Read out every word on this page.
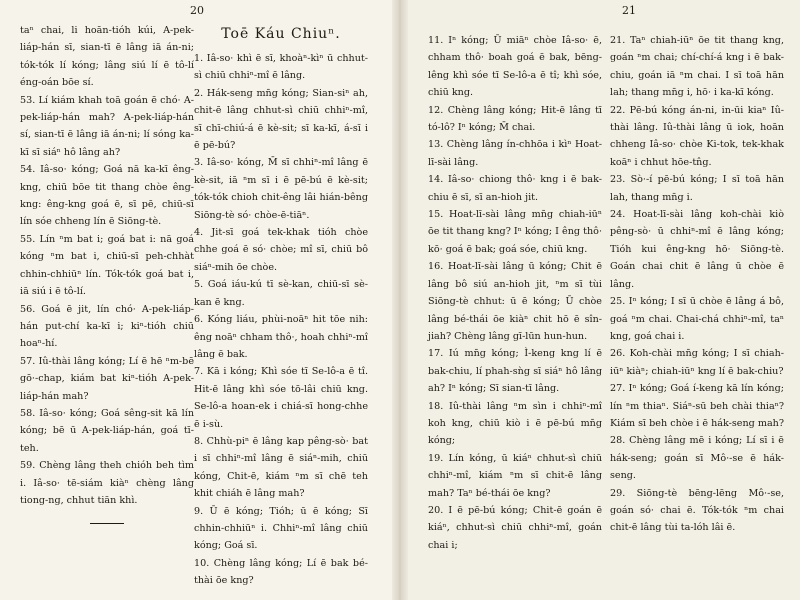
20

taⁿ chai, li hoān-tióh kúi, A-pek-liáp-hán sī, sian-tī ē lâng iā án-ni; tók-tók lí kóng; lâng siú lí ē tô-lí éng-oán bōe sí.

53. Lí kiám khah toā goán ē chó· A-pek-liáp-hán mah? A-pek-liáp-hán sí, sian-tī ē lâng iā án-ni; lí sóng ka-kī sī siáⁿ hô lâng ah?

54. Iâ-so· kóng; Goá nā ka-kī êng-kng, chiū bōe tit thang chòe êng-kng: êng-kng goá ē, sī pē, chiū-sī lín sóe chheng lín ē Siōng-tè.

55. Lín ⁿm bat i; goá bat i: nā goá kóng ⁿm bat i, chiū-sī peh-chhàt chhin-chhiūⁿ lín. Tók-tók goá bat i, iā siú i ē tô-lí.

56. Goá ē jit, lín chó· A-pek-liáp-hán put-chí ka-kī i; kiⁿ-tióh chiū hoaⁿ-hí.

57. Iû-thài lâng kóng; Lí ē hē ⁿm-bē gō·-chap, kiám bat kiⁿ-tióh A-pek-liáp-hán mah?

58. Iâ-so· kóng; Goá sêng-sit kā lín kóng; bē ū A-pek-liáp-hán, goá tī-teh.

59. Chèng lâng theh chióh beh tìm i. Iâ-so· tē-siám kiàⁿ chèng lâng tiong-ng, chhut tiān khì.

Toē Káu Chiuⁿ.

1. Iâ-so· khì ē sī, khoàⁿ-kìⁿ ū chhut-sì chiū chhiⁿ-mî ē lâng.

2. Hák-seng mn̄g kóng; Sian-siⁿ ah, chit-ē lâng chhut-sì chiū chhiⁿ-mî, sī chī-chiú-á ē kè-sit; sī ka-kī, á-sī i ē pē-bú?

3. Iâ-so· kóng, M̄ sī chhiⁿ-mî lâng ē kè-sit, iā ⁿm sī i ē pē-bú ē kè-sit; tók-tók chioh chit-êng lâi hián-bêng Siōng-tè só· chòe-ē-tiāⁿ.

4. Jit-sī goá tek-khak tióh chòe chhe goá ē só· chòe; mî sī, chiū bô siáⁿ-mih ōe chòe.

5. Goá iáu-kú tī sè-kan, chiū-sī sè-kan ē kng.

6. Kóng liáu, phùi-noāⁿ hit tōe nih: êng noāⁿ chham thô·, hoah chhiⁿ-mî lâng ē bak.

7. Kā i kóng; Khì sóe tī Se-lô-a ē tî. Hit-ē lâng khì sóe tō-lâi chiū kng. Se-lô-a hoan-ek i chiá-sī hong-chhe ē i-sù.

8. Chhù-piⁿ ē lâng kap pêng-sò· bat i sī chhiⁿ-mî lâng ē siáⁿ-mih, chiū kóng, Chit-ē, kiám ⁿm sī chē teh khit chiáh ē lâng mah?

9. Ū ē kóng; Tióh; ū ē kóng; Sī chhin-chhiūⁿ i. Chhiⁿ-mî lâng chiū kóng; Goá sī.

10. Chèng lâng kóng; Lí ē bak bé-thài ōe kng?

21

11. Iⁿ kóng; Ū miāⁿ chòe Iâ-so· ē, chham thô· boah goá ē bak, bēng-lêng khì sóe tī Se-lô-a ē tî; khì sóe, chiū kng.

12. Chèng lâng kóng; Hit-ē lâng tī tó-lô? Iⁿ kóng; M̄ chai.

13. Chèng lâng ín-chhōa i kìⁿ Hoat-lī-sài lâng.

14. Iâ-so· chiong thô· kng i ē bak-chiu ē sī, sī an-hioh jit.

15. Hoat-lī-sài lâng mn̄g chiah-iūⁿ ōe tit thang kng? Iⁿ kóng; I êng thô· kō· goá ē bak; goá sóe, chiū kng.

16. Hoat-lī-sài lâng ū kóng; Chit ē lâng bô siú an-hioh jit, ⁿm sī tùi Siōng-tè chhut: ū ē kóng; Ū chòe lâng bé-thái ōe kiàⁿ chit hō ē sîn-jiah? Chèng lâng gī-lūn hun-hun.

17. Iú mn̄g kóng; Ì-keng kng lí ē bak-chiu, lí phah-sǹg sī siáⁿ hô lâng ah? Iⁿ kóng; Sī sian-tī lâng.

18. Iû-thài lâng ⁿm sìn i chhiⁿ-mî koh kng, chiū kiò i ē pē-bú mn̄g kóng;

19. Lín kóng, ū kiáⁿ chhut-sì chiū chhiⁿ-mî, kiám ⁿm sī chit-ē lâng mah? Taⁿ bé-thái ōe kng?

20. I ē pē-bú kóng; Chit-ē goán ē kiáⁿ, chhut-sì chiū chhiⁿ-mî, goán chai i;

21. Taⁿ chiah-iūⁿ ōe tit thang kng, goán ⁿm chai; chí-chí-á kng i ē bak-chiu, goán iā ⁿm chai. I sī toā hān lah; thang mn̄g i, hō· i ka-kī kóng.

22. Pē-bú kóng án-ni, in-ūi kiaⁿ Iû-thài lâng. Iû-thài lâng ū iok, hoān chheng Iâ-so· chòe Ki-tok, tek-khak koāⁿ i chhut hōe-tn̂g.

23. Sò·-í pē-bú kóng; I sī toā hān lah, thang mn̄g i.

24. Hoat-lī-sài lâng koh-chài kiò pêng-sò· ū chhiⁿ-mî ē lâng kóng; Tióh kui êng-kng hō· Siōng-tè. Goán chai chit ē lâng ū chòe ē lâng.

25. Iⁿ kóng; I sī ū chòe ē lâng á bô, goá ⁿm chai. Chai-chá chhiⁿ-mî, taⁿ kng, goá chai i.

26. Koh-chài mn̄g kóng; I sī chiah-iūⁿ kiàⁿ; chiah-iūⁿ kng lí ē bak-chiu?

27. Iⁿ kóng; Goá í-keng kā lín kóng; lín ⁿm thiaⁿ. Siáⁿ-sū beh chài thiaⁿ? Kiám sī beh chòe i ē hák-seng mah?

28. Chèng lâng mē i kóng; Lí sī i ē hák-seng; goán sī Mô·-se ē hák-seng.

29. Siōng-tè bēng-lēng Mô·-se, goán só· chai ē. Tók-tók ⁿm chai chit-ē lâng tùi ta-lóh lâi ē.
